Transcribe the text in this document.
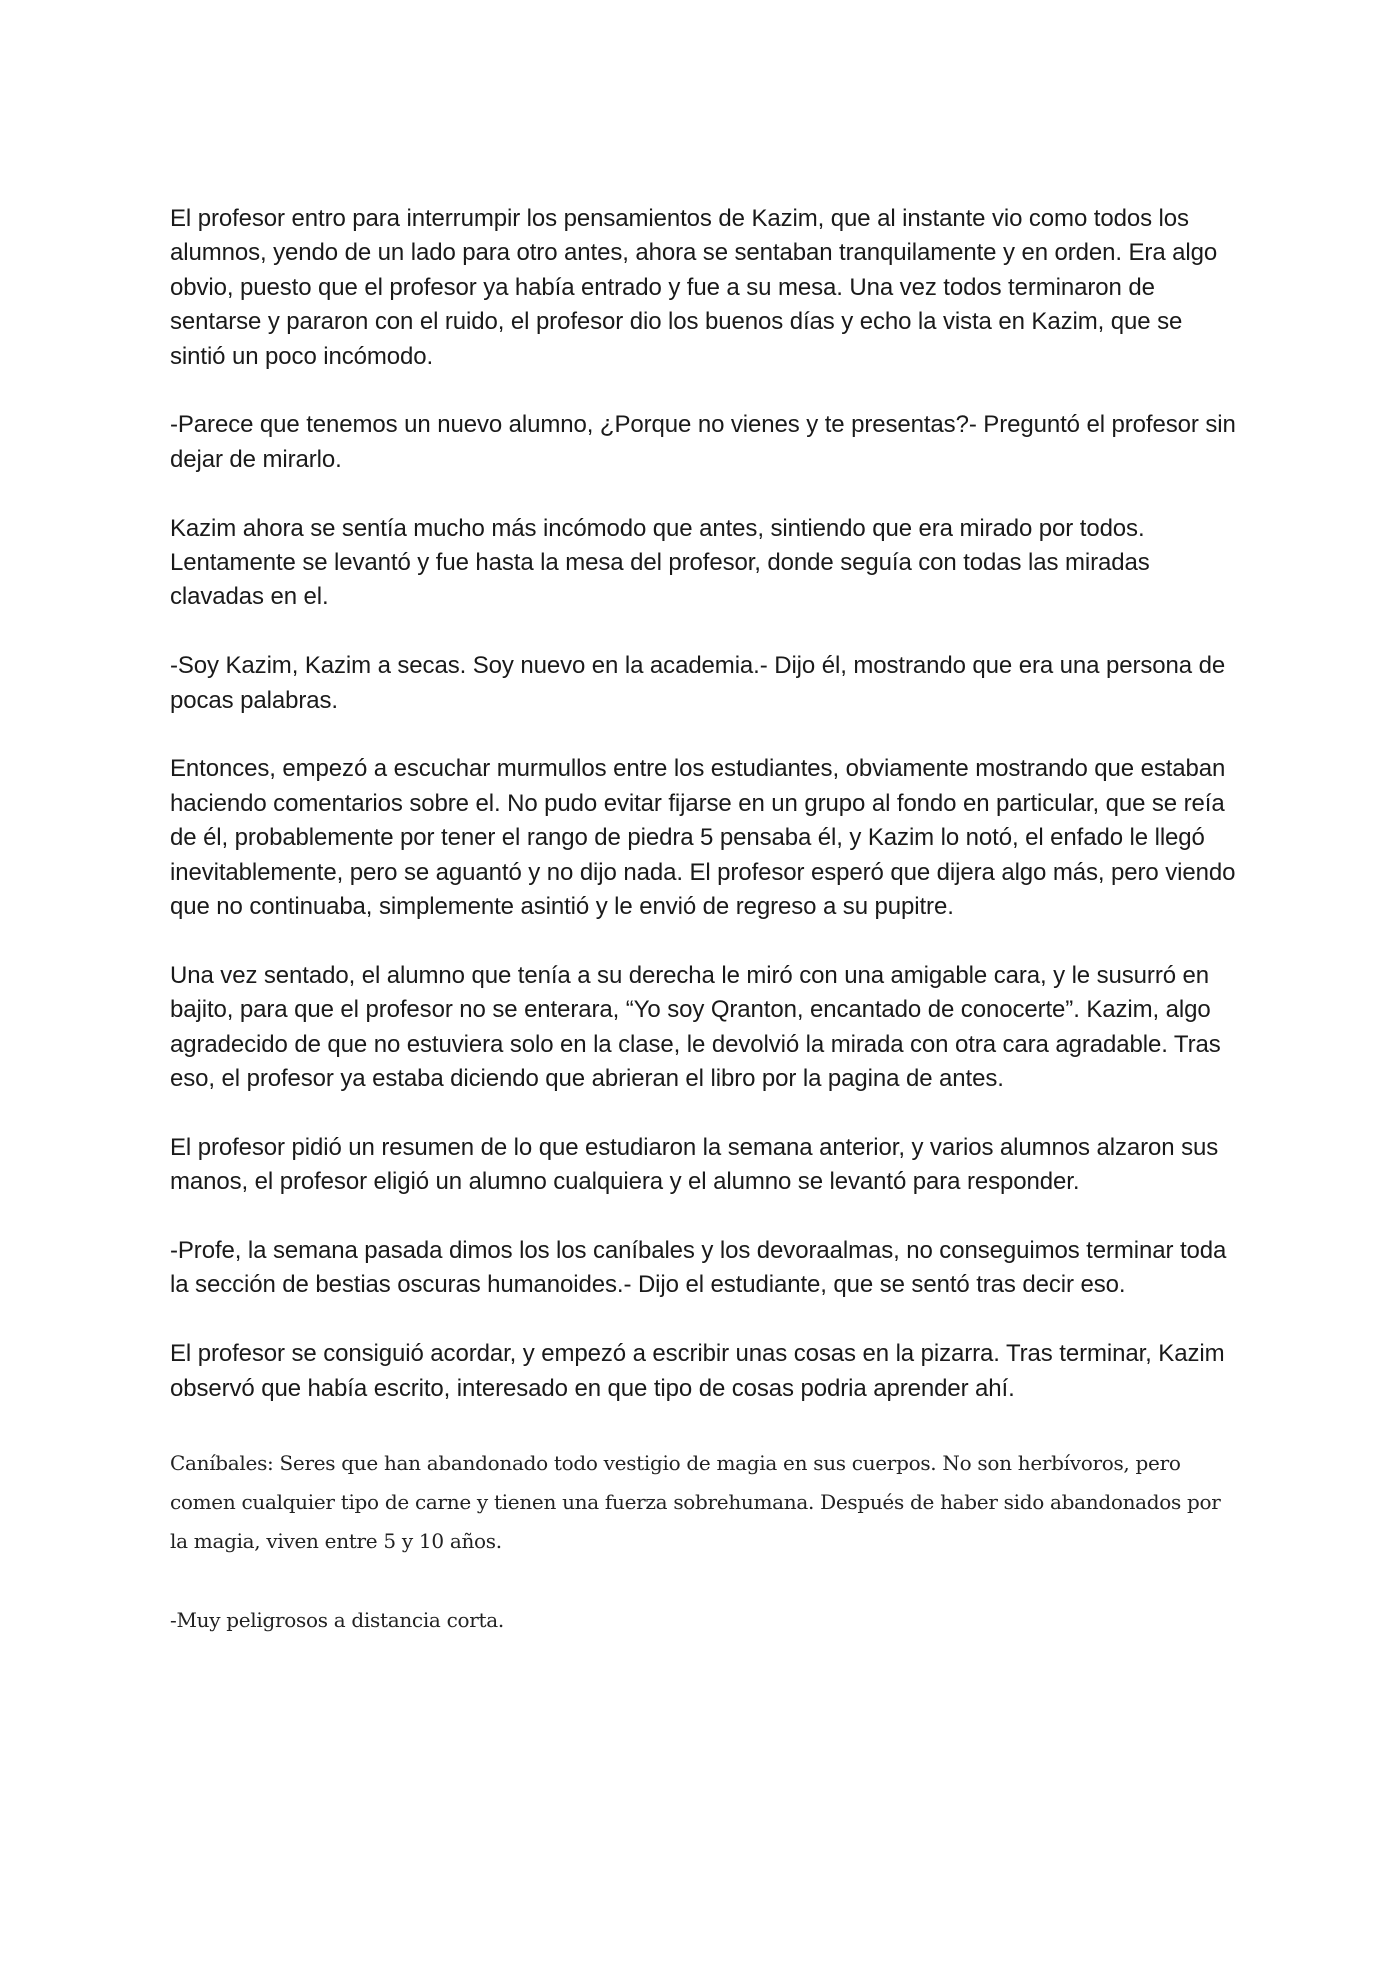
El profesor entro para interrumpir los pensamientos de Kazim, que al instante vio como todos los alumnos, yendo de un lado para otro antes, ahora se sentaban tranquilamente y en orden. Era algo obvio, puesto que el profesor ya había entrado y fue a su mesa. Una vez todos terminaron de sentarse y pararon con el ruido, el profesor dio los buenos días y echo la vista en Kazim, que se sintió un poco incómodo.

-Parece que tenemos un nuevo alumno, ¿Porque no vienes y te presentas?- Preguntó el profesor sin dejar de mirarlo.

Kazim ahora se sentía mucho más incómodo que antes, sintiendo que era mirado por todos. Lentamente se levantó y fue hasta la mesa del profesor, donde seguía con todas las miradas clavadas en el.

-Soy Kazim, Kazim a secas. Soy nuevo en la academia.- Dijo él, mostrando que era una persona de pocas palabras.

Entonces, empezó a escuchar murmullos entre los estudiantes, obviamente mostrando que estaban haciendo comentarios sobre el. No pudo evitar fijarse en un grupo al fondo en particular, que se reía de él, probablemente por tener el rango de piedra 5 pensaba él, y Kazim lo notó, el enfado le llegó inevitablemente, pero se aguantó y no dijo nada. El profesor esperó que dijera algo más, pero viendo que no continuaba, simplemente asintió y le envió de regreso a su pupitre.

Una vez sentado, el alumno que tenía a su derecha le miró con una amigable cara, y le susurró en bajito, para que el profesor no se enterara, “Yo soy Qranton, encantado de conocerte”. Kazim, algo agradecido de que no estuviera solo en la clase, le devolvió la mirada con otra cara agradable. Tras eso, el profesor ya estaba diciendo que abrieran el libro por la pagina de antes.

El profesor pidió un resumen de lo que estudiaron la semana anterior, y varios alumnos alzaron sus manos, el profesor eligió un alumno cualquiera y el alumno se levantó para responder.

-Profe, la semana pasada dimos los los caníbales y los devoraalmas, no conseguimos terminar toda la sección de bestias oscuras humanoides.- Dijo el estudiante, que se sentó tras decir eso.

El profesor se consiguió acordar, y empezó a escribir unas cosas en la pizarra. Tras terminar, Kazim observó que había escrito, interesado en que tipo de cosas podria aprender ahí.

Caníbales: Seres que han abandonado todo vestigio de magia en sus cuerpos. No son herbívoros, pero comen cualquier tipo de carne y tienen una fuerza sobrehumana. Después de haber sido abandonados por la magia, viven entre 5 y 10 años.

-Muy peligrosos a distancia corta.
